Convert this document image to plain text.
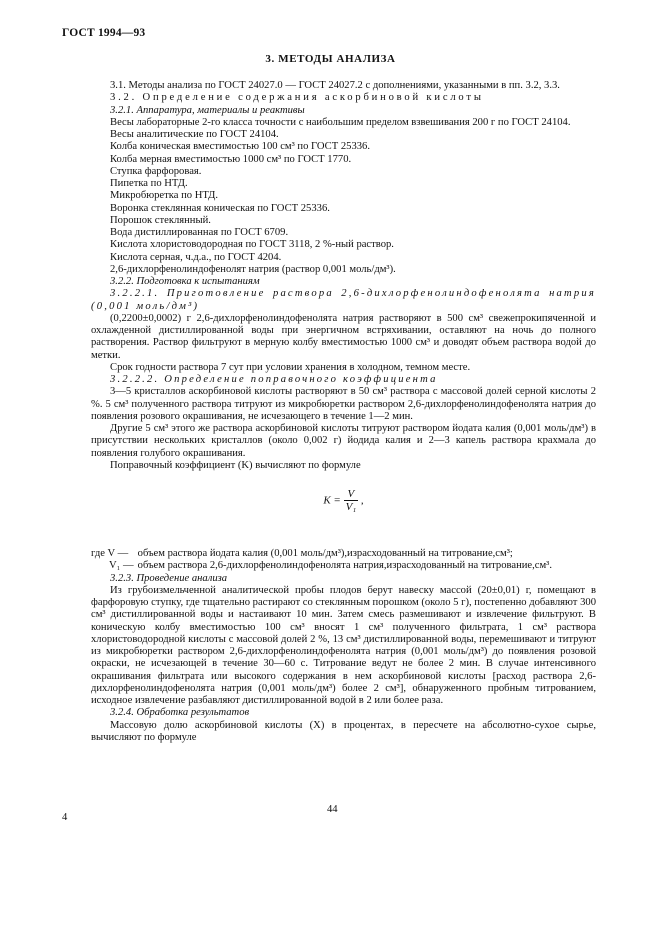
ГОСТ 1994—93
3. МЕТОДЫ АНАЛИЗА

3.1. Методы анализа по ГОСТ 24027.0 — ГОСТ 24027.2 с дополнениями, указанными в пп. 3.2, 3.3.

3.2. Определение содержания аскорбиновой кислоты

3.2.1. Аппаратура, материалы и реактивы

Весы лабораторные 2-го класса точности с наибольшим пределом взвешивания 200 г по ГОСТ 24104.

Весы аналитические по ГОСТ 24104.

Колба коническая вместимостью 100 см³ по ГОСТ 25336.

Колба мерная вместимостью 1000 см³ по ГОСТ 1770.

Ступка фарфоровая.

Пипетка по НТД.

Микробюретка по НТД.

Воронка стеклянная коническая по ГОСТ 25336.

Порошок стеклянный.

Вода дистиллированная по ГОСТ 6709.

Кислота хлористоводородная по ГОСТ 3118, 2 %-ный раствор.

Кислота серная, ч.д.а., по ГОСТ 4204.

2,6-дихлорфенолиндофенолят натрия (раствор 0,001 моль/дм³).

3.2.2. Подготовка к испытаниям

3.2.2.1. Приготовление раствора 2,6-дихлорфенолиндофенолята натрия (0,001 моль/дм³)

(0,2200±0,0002) г 2,6-дихлорфенолиндофенолята натрия растворяют в 500 см³ свежепрокипяченной и охлажденной дистиллированной воды при энергичном встряхивании, оставляют на ночь до полного растворения. Раствор фильтруют в мерную колбу вместимостью 1000 см³ и доводят объем раствора водой до метки.

Срок годности раствора 7 сут при условии хранения в холодном, темном месте.

3.2.2.2. Определение поправочного коэффициента

3—5 кристаллов аскорбиновой кислоты растворяют в 50 см³ раствора с массовой долей серной кислоты 2 %. 5 см³ полученного раствора титруют из микробюретки раствором 2,6-дихлорфенолиндофенолята натрия до появления розового окрашивания, не исчезающего в течение 1—2 мин.

Другие 5 см³ этого же раствора аскорбиновой кислоты титруют раствором йодата калия (0,001 моль/дм³) в присутствии нескольких кристаллов (около 0,002 г) йодида калия и 2—3 капель раствора крахмала до появления голубого окрашивания.

Поправочный коэффициент (K) вычисляют по формуле

$K = \frac{V}{\text{V₁}}$ ,

где V — объем раствора йодата калия (0,001 моль/дм³),израсходованный на титрование,см³;

V₁ — объем раствора 2,6-дихлорфенолиндофенолята натрия,израсходованный на титрование,см³.

3.2.3. Проведение анализа

Из грубоизмельченной аналитической пробы плодов берут навеску массой (20±0,01) г, помещают в фарфоровую ступку, где тщательно растирают со стеклянным порошком (около 5 г), постепенно добавляют 300 см³ дистиллированной воды и настаивают 10 мин. Затем смесь размешивают и извлечение фильтруют. В коническую колбу вместимостью 100 см³ вносят 1 см³ полученного фильтрата, 1 см³ раствора хлористоводородной кислоты с массовой долей 2 %, 13 см³ дистиллированной воды, перемешивают и титруют из микробюретки раствором 2,6-дихлорфенолиндофенолята натрия (0,001 моль/дм³) до появления розовой окраски, не исчезающей в течение 30—60 с. Титрование ведут не более 2 мин. В случае интенсивного окрашивания фильтрата или высокого содержания в нем аскорбиновой кислоты [расход раствора 2,6-дихлорфенолиндофенолята натрия (0,001 моль/дм³) более 2 см³], обнаруженного пробным титрованием, исходное извлечение разбавляют дистиллированной водой в 2 или более раза.

3.2.4. Обработка результатов

Массовую долю аскорбиновой кислоты (X) в процентах, в пересчете на абсолютно-сухое сырье, вычисляют по формуле

44
4
